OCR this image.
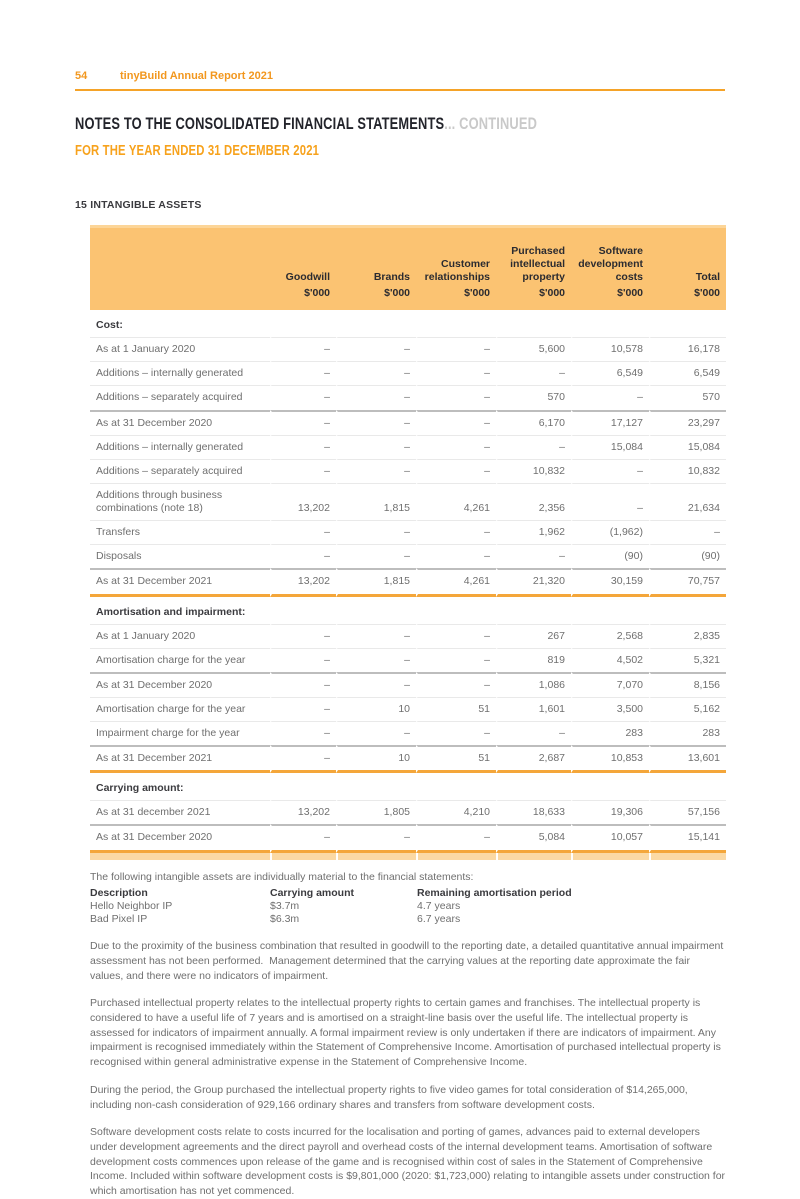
54	tinyBuild Annual Report 2021
NOTES TO THE CONSOLIDATED FINANCIAL STATEMENTS... CONTINUED
FOR THE YEAR ENDED 31 DECEMBER 2021
15 INTANGIBLE ASSETS
	Goodwill	Brands	Customer relationships	Purchased intellectual property	Software development costs	Total
	$'000	$'000	$'000	$'000	$'000	$'000
Cost:						
As at 1 January 2020	–	–	–	5,600	10,578	16,178
Additions – internally generated	–	–	–	–	6,549	6,549
Additions – separately acquired	–	–	–	570	–	570
As at 31 December 2020	–	–	–	6,170	17,127	23,297
Additions – internally generated	–	–	–	–	15,084	15,084
Additions – separately acquired	–	–	–	10,832	–	10,832
Additions through business combinations (note 18)	13,202	1,815	4,261	2,356	–	21,634
Transfers	–	–	–	1,962	(1,962)	–
Disposals	–	–	–	–	(90)	(90)
As at 31 December 2021	13,202	1,815	4,261	21,320	30,159	70,757
Amortisation and impairment:						
As at 1 January 2020	–	–	–	267	2,568	2,835
Amortisation charge for the year	–	–	–	819	4,502	5,321
As at 31 December 2020	–	–	–	1,086	7,070	8,156
Amortisation charge for the year	–	10	51	1,601	3,500	5,162
Impairment charge for the year	–	–	–	–	283	283
As at 31 December 2021	–	10	51	2,687	10,853	13,601
Carrying amount:						
As at 31 december 2021	13,202	1,805	4,210	18,633	19,306	57,156
As at 31 December 2020	–	–	–	5,084	10,057	15,141

The following intangible assets are individually material to the financial statements:

Description	Carrying amount	Remaining amortisation period
Hello Neighbor IP	$3.7m	4.7 years
Bad Pixel IP	$6.3m	6.7 years

Due to the proximity of the business combination that resulted in goodwill to the reporting date, a detailed quantitative annual impairment assessment has not been performed.  Management determined that the carrying values at the reporting date approximate the fair values, and there were no indicators of impairment.

Purchased intellectual property relates to the intellectual property rights to certain games and franchises. The intellectual property is considered to have a useful life of 7 years and is amortised on a straight-line basis over the useful life. The intellectual property is assessed for indicators of impairment annually. A formal impairment review is only undertaken if there are indicators of impairment. Any impairment is recognised immediately within the Statement of Comprehensive Income. Amortisation of purchased intellectual property is recognised within general administrative expense in the Statement of Comprehensive Income.

During the period, the Group purchased the intellectual property rights to five video games for total consideration of $14,265,000, including non-cash consideration of 929,166 ordinary shares and transfers from software development costs.

Software development costs relate to costs incurred for the localisation and porting of games, advances paid to external developers under development agreements and the direct payroll and overhead costs of the internal development teams. Amortisation of software development costs commences upon release of the game and is recognised within cost of sales in the Statement of Comprehensive Income. Included within software development costs is $9,801,000 (2020: $1,723,000) relating to intangible assets under construction for which amortisation has not yet commenced.
